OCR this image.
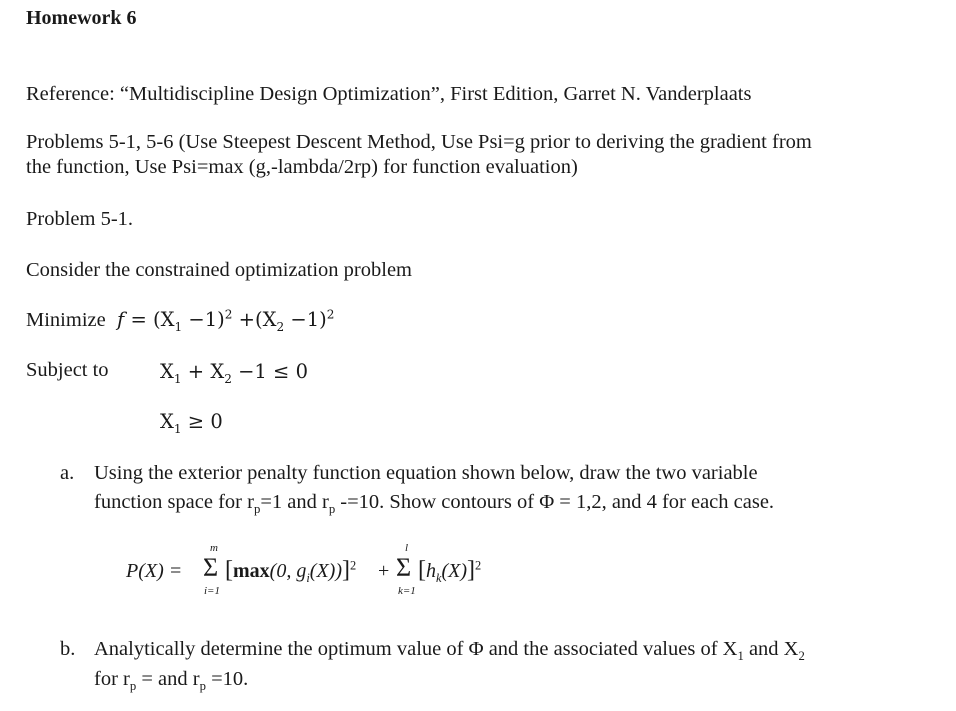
Homework 6
Reference: “Multidiscipline Design Optimization”, First Edition, Garret N. Vanderplaats
Problems 5-1, 5-6 (Use Steepest Descent Method, Use Psi=g prior to deriving the gradient from
the function, Use Psi=max (g,-lambda/2rp) for function evaluation)
Problem 5-1.
Consider the constrained optimization problem
Minimize $f = (X_1 -1)^2 +(X_2 -1)^2$
Subject to	$X_1 + X_2 -1 \le 0$
$X_1 \ge 0$
a. Using the exterior penalty function equation shown below, draw the two variable
function space for $r_p=1$ and $r_p$ -=10. Show contours of Φ = 1,2, and 4 for each case.
P(X) =
m
Σ
i=1
[max(0, $g_i(X))]^2$ +
l
Σ
k=1
$[h_k(X)]^2$
b. Analytically determine the optimum value of Φ and the associated values of $X_1$ and $X_2$
for $r_p$ = and $r_p =10$.
